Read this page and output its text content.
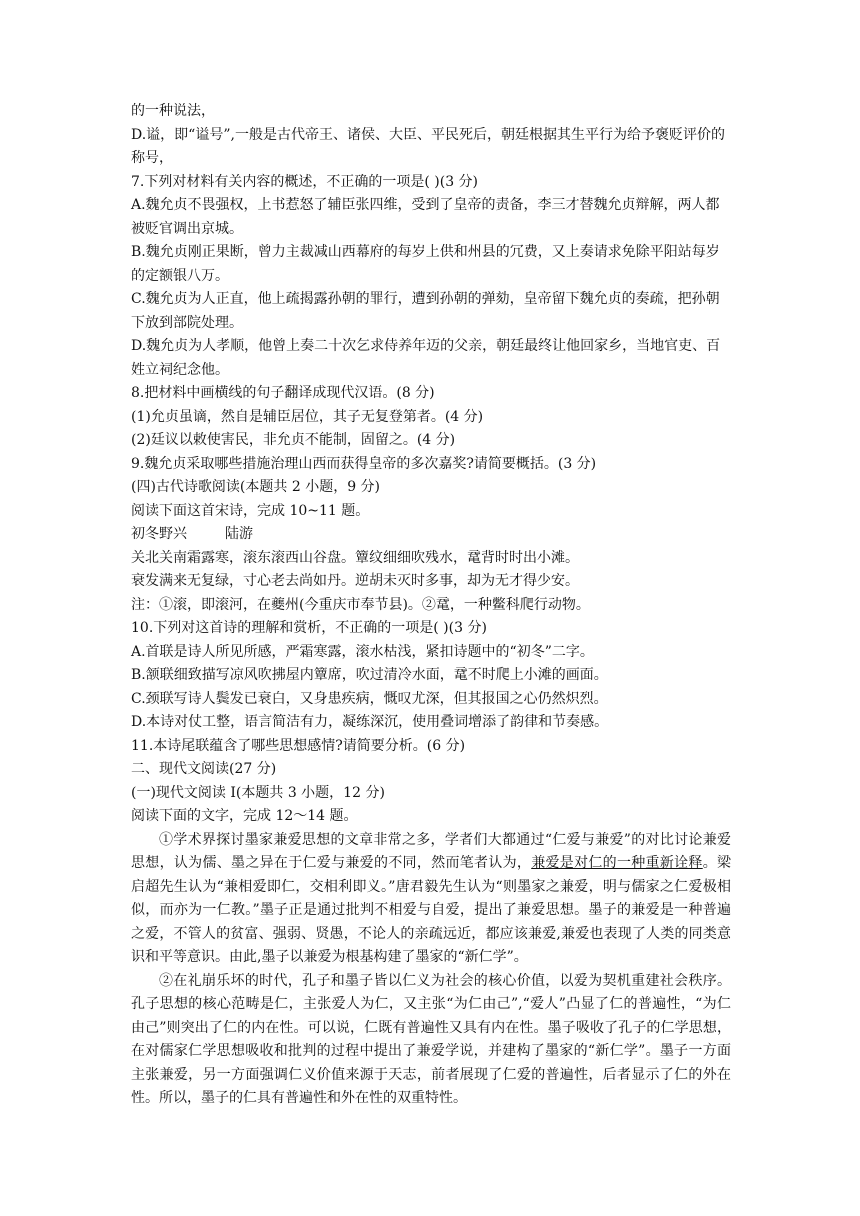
的一种说法，

D.谥，即“谥号”,一般是古代帝王、诸侯、大臣、平民死后，朝廷根据其生平行为给予褒贬评价的称号，

7.下列对材料有关内容的概述，不正确的一项是( )(3 分)

A.魏允贞不畏强权，上书惹怒了辅臣张四维，受到了皇帝的责备，李三才替魏允贞辩解，两人都被贬官调出京城。

B.魏允贞刚正果断，曾力主裁减山西幕府的每岁上供和州县的冗费，又上奏请求免除平阳站每岁的定额银八万。

C.魏允贞为人正直，他上疏揭露孙朝的罪行，遭到孙朝的弹劾，皇帝留下魏允贞的奏疏，把孙朝下放到部院处理。

D.魏允贞为人孝顺，他曾上奏二十次乞求侍养年迈的父亲，朝廷最终让他回家乡，当地官吏、百姓立祠纪念他。

8.把材料中画横线的句子翻译成现代汉语。(8 分)

(1)允贞虽谪，然自是辅臣居位，其子无复登第者。(4 分)

(2)廷议以敕使害民，非允贞不能制，固留之。(4 分)

9.魏允贞采取哪些措施治理山西而获得皇帝的多次嘉奖?请简要概括。(3 分)

(四)古代诗歌阅读(本题共 2 小题，9 分)

阅读下面这首宋诗，完成 10~11 题。

初冬野兴	陆游

关北关南霜露寒，滚东滚西山谷盘。簟纹细细吹残水，鼋背时时出小滩。

衰发满来无复绿，寸心老去尚如丹。逆胡未灭时多事，却为无才得少安。

注：①滚，即滚河，在夔州(今重庆市奉节县)。②鼋，一种鳖科爬行动物。

10.下列对这首诗的理解和赏析，不正确的一项是( )(3 分)

A.首联是诗人所见所感，严霜寒露，滚水枯浅，紧扣诗题中的“初冬”二字。

B.颔联细致描写凉风吹拂屋内簟席，吹过清冷水面，鼋不时爬上小滩的画面。

C.颈联写诗人鬓发已衰白，又身患疾病，慨叹尤深，但其报国之心仍然炽烈。

D.本诗对仗工整，语言简洁有力，凝练深沉，使用叠词增添了韵律和节奏感。

11.本诗尾联蕴含了哪些思想感情?请简要分析。(6 分)

二、现代文阅读(27 分)

(一)现代文阅读 I(本题共 3 小题，12 分)

阅读下面的文字，完成 12～14 题。

①学术界探讨墨家兼爱思想的文章非常之多，学者们大都通过“仁爱与兼爱”的对比讨论兼爱思想，认为儒、墨之异在于仁爱与兼爱的不同，然而笔者认为，兼爱是对仁的一种重新诠释。梁启超先生认为“兼相爱即仁，交相利即义。”唐君毅先生认为“则墨家之兼爱，明与儒家之仁爱极相似，而亦为一仁教。”墨子正是通过批判不相爱与自爱，提出了兼爱思想。墨子的兼爱是一种普遍之爱，不管人的贫富、强弱、贤愚，不论人的亲疏远近，都应该兼爱,兼爱也表现了人类的同类意识和平等意识。由此,墨子以兼爱为根基构建了墨家的“新仁学”。

②在礼崩乐坏的时代，孔子和墨子皆以仁义为社会的核心价值，以爱为契机重建社会秩序。孔子思想的核心范畴是仁，主张爱人为仁，又主张“为仁由己”,“爱人”凸显了仁的普遍性，“为仁由己”则突出了仁的内在性。可以说，仁既有普遍性又具有内在性。墨子吸收了孔子的仁学思想，在对儒家仁学思想吸收和批判的过程中提出了兼爱学说，并建构了墨家的“新仁学”。墨子一方面主张兼爱，另一方面强调仁义价值来源于天志，前者展现了仁爱的普遍性，后者显示了仁的外在性。所以，墨子的仁具有普遍性和外在性的双重特性。
